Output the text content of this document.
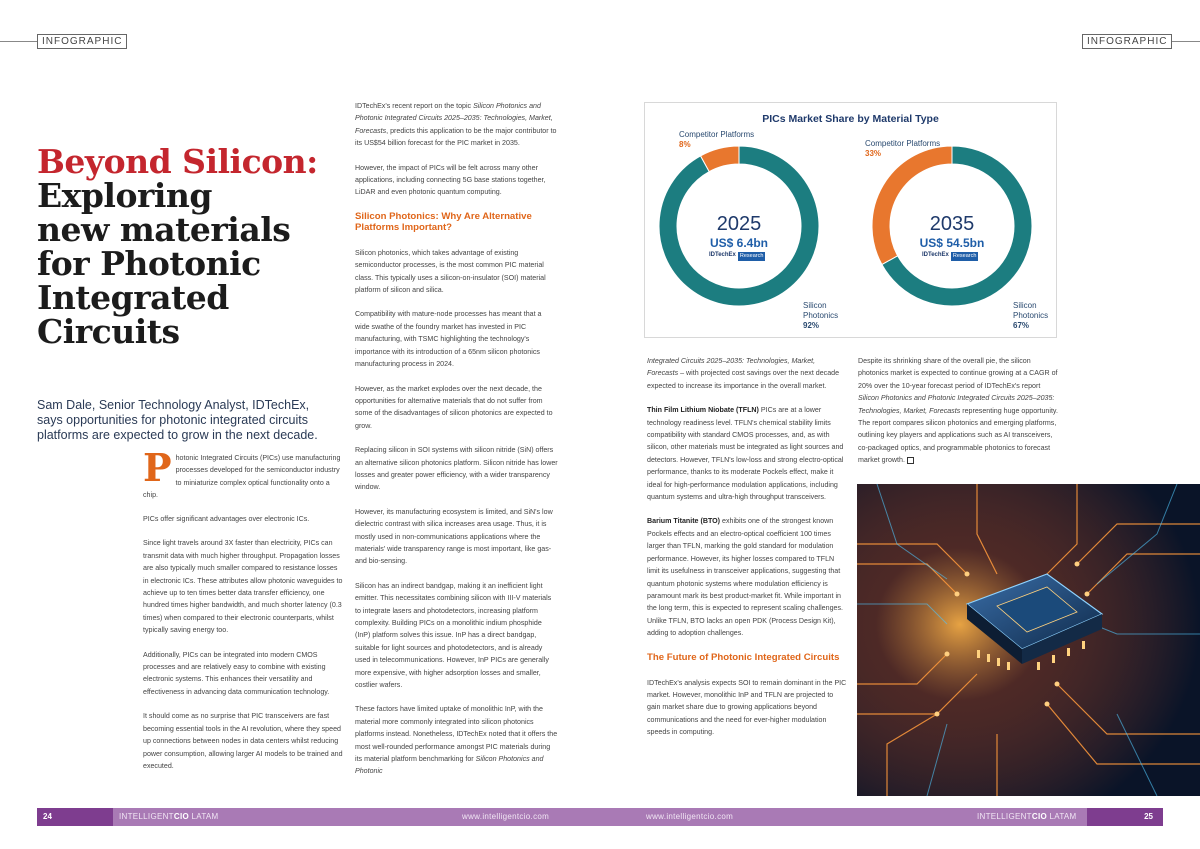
INFOGRAPHIC	INFOGRAPHIC
Beyond Silicon:
Exploring
new materials
for Photonic
Integrated
Circuits

Sam Dale, Senior Technology Analyst, IDTechEx, says opportunities for photonic integrated circuits platforms are expected to grow in the next decade.

Photonic Integrated Circuits (PICs) use manufacturing processes developed for the semiconductor industry to miniaturize complex optical functionality onto a chip.

PICs offer significant advantages over electronic ICs.

Since light travels around 3X faster than electricity, PICs can transmit data with much higher throughput. Propagation losses are also typically much smaller compared to resistance losses in electronic ICs. These attributes allow photonic waveguides to achieve up to ten times better data transfer efficiency, one hundred times higher bandwidth, and much shorter latency (0.3 times) when compared to their electronic counterparts, whilst typically saving energy too.

Additionally, PICs can be integrated into modern CMOS processes and are relatively easy to combine with existing electronic systems. This enhances their versatility and effectiveness in advancing data communication technology.

It should come as no surprise that PIC transceivers are fast becoming essential tools in the AI revolution, where they speed up connections between nodes in data centers whilst reducing power consumption, allowing larger AI models to be trained and executed.

IDTechEx's recent report on the topic Silicon Photonics and Photonic Integrated Circuits 2025–2035: Technologies, Market, Forecasts, predicts this application to be the major contributor to its US$54 billion forecast for the PIC market in 2035.

However, the impact of PICs will be felt across many other applications, including connecting 5G base stations together, LiDAR and even photonic quantum computing.

Silicon Photonics: Why Are Alternative Platforms Important?

Silicon photonics, which takes advantage of existing semiconductor processes, is the most common PIC material class. This typically uses a silicon-on-insulator (SOI) material platform of silicon and silica.

Compatibility with mature-node processes has meant that a wide swathe of the foundry market has invested in PIC manufacturing, with TSMC highlighting the technology's importance with its introduction of a 65nm silicon photonics manufacturing process in 2024.

However, as the market explodes over the next decade, the opportunities for alternative materials that do not suffer from some of the disadvantages of silicon photonics are expected to grow.

Replacing silicon in SOI systems with silicon nitride (SiN) offers an alternative silicon photonics platform. Silicon nitride has lower losses and greater power efficiency, with a wider transparency window.

However, its manufacturing ecosystem is limited, and SiN's low dielectric contrast with silica increases area usage. Thus, it is mostly used in non-communications applications where the materials' wide transparency range is most important, like gas- and bio-sensing.

Silicon has an indirect bandgap, making it an inefficient light emitter. This necessitates combining silicon with III-V materials to integrate lasers and photodetectors, increasing platform complexity. Building PICs on a monolithic indium phosphide (InP) platform solves this issue. InP has a direct bandgap, suitable for light sources and photodetectors, and is already used in telecommunications. However, InP PICs are generally more expensive, with higher adsorption losses and smaller, costlier wafers.

These factors have limited uptake of monolithic InP, with the material more commonly integrated into silicon photonics platforms instead. Nonetheless, IDTechEx noted that it offers the most well-rounded performance amongst PIC materials during its material platform benchmarking for Silicon Photonics and Photonic

PICs Market Share by Material Type
Competitor Platforms
8%
Silicon Photonics
92%
2025
US$ 6.4bn
IDTechEx Research
Competitor Platforms
33%
Silicon Photonics
67%
2035
US$ 54.5bn
IDTechEx Research

Integrated Circuits 2025–2035: Technologies, Market, Forecasts – with projected cost savings over the next decade expected to increase its importance in the overall market.

Thin Film Lithium Niobate (TFLN) PICs are at a lower technology readiness level. TFLN's chemical stability limits compatibility with standard CMOS processes, and, as with silicon, other materials must be integrated as light sources and detectors. However, TFLN's low-loss and strong electro-optical performance, thanks to its moderate Pockels effect, make it ideal for high-performance modulation applications, including quantum systems and ultra-high throughput transceivers.

Barium Titanite (BTO) exhibits one of the strongest known Pockels effects and an electro-optical coefficient 100 times larger than TFLN, marking the gold standard for modulation performance. However, its higher losses compared to TFLN limit its usefulness in transceiver applications, suggesting that quantum photonic systems where modulation efficiency is paramount mark its best product-market fit. While important in the long term, this is expected to represent scaling challenges. Unlike TFLN, BTO lacks an open PDK (Process Design Kit), adding to adoption challenges.

The Future of Photonic Integrated Circuits

IDTechEx's analysis expects SOI to remain dominant in the PIC market. However, monolithic InP and TFLN are projected to gain market share due to growing applications beyond communications and the need for ever-higher modulation speeds in computing.

Despite its shrinking share of the overall pie, the silicon photonics market is expected to continue growing at a CAGR of 20% over the 10-year forecast period of IDTechEx's report Silicon Photonics and Photonic Integrated Circuits 2025–2035: Technologies, Market, Forecasts representing huge opportunity. The report compares silicon photonics and emerging platforms, outlining key players and applications such as AI transceivers, co-packaged optics, and programmable photonics to forecast market growth.

24	INTELLIGENTCIO LATAM	www.intelligentcio.com	www.intelligentcio.com	INTELLIGENTCIO LATAM	25
